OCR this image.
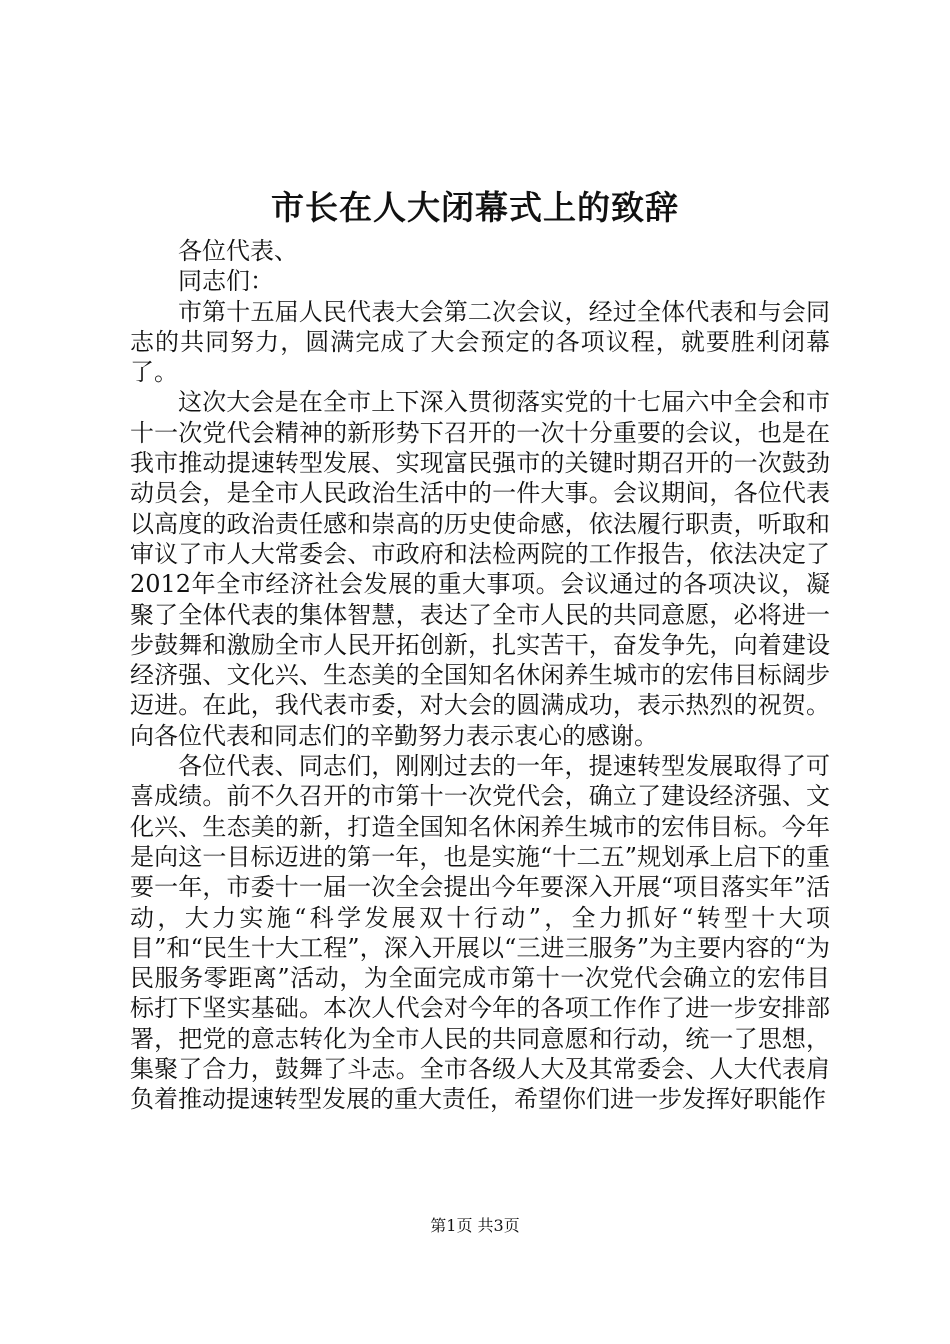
市长在人大闭幕式上的致辞

各位代表、

同志们：

市第十五届人民代表大会第二次会议，经过全体代表和与会同志的共同努力，圆满完成了大会预定的各项议程，就要胜利闭幕了。

这次大会是在全市上下深入贯彻落实党的十七届六中全会和市十一次党代会精神的新形势下召开的一次十分重要的会议，也是在我市推动提速转型发展、实现富民强市的关键时期召开的一次鼓劲动员会，是全市人民政治生活中的一件大事。会议期间，各位代表以高度的政治责任感和崇高的历史使命感，依法履行职责，听取和审议了市人大常委会、市政府和法检两院的工作报告，依法决定了2012年全市经济社会发展的重大事项。会议通过的各项决议，凝聚了全体代表的集体智慧，表达了全市人民的共同意愿，必将进一步鼓舞和激励全市人民开拓创新，扎实苦干，奋发争先，向着建设经济强、文化兴、生态美的全国知名休闲养生城市的宏伟目标阔步迈进。在此，我代表市委，对大会的圆满成功，表示热烈的祝贺。向各位代表和同志们的辛勤努力表示衷心的感谢。

各位代表、同志们，刚刚过去的一年，提速转型发展取得了可喜成绩。前不久召开的市第十一次党代会，确立了建设经济强、文化兴、生态美的新，打造全国知名休闲养生城市的宏伟目标。今年是向这一目标迈进的第一年，也是实施“十二五”规划承上启下的重要一年，市委十一届一次全会提出今年要深入开展“项目落实年”活动，大力实施“科学发展双十行动”，全力抓好“转型十大项目”和“民生十大工程”，深入开展以“三进三服务”为主要内容的“为民服务零距离”活动，为全面完成市第十一次党代会确立的宏伟目标打下坚实基础。本次人代会对今年的各项工作作了进一步安排部署，把党的意志转化为全市人民的共同意愿和行动，统一了思想，集聚了合力，鼓舞了斗志。全市各级人大及其常委会、人大代表肩负着推动提速转型发展的重大责任，希望你们进一步发挥好职能作

第1页 共3页
